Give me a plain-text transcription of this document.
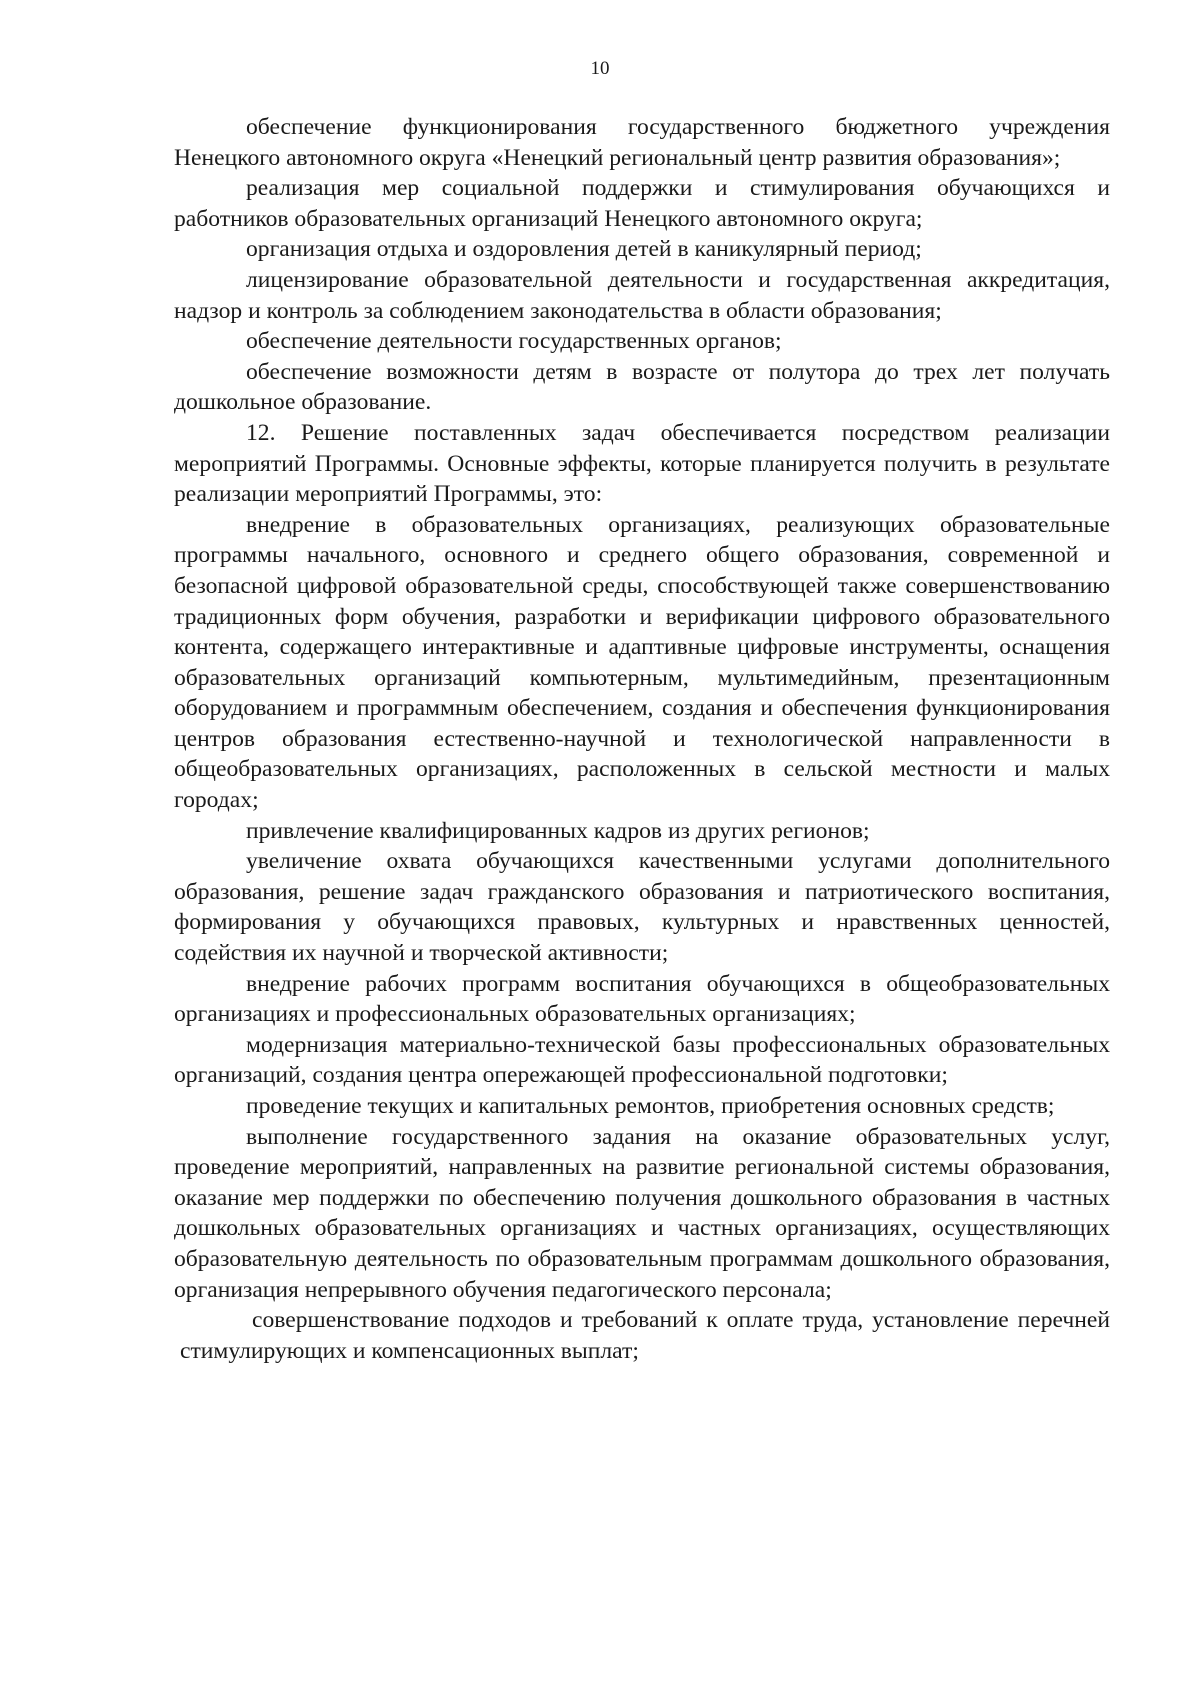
10

обеспечение функционирования государственного бюджетного учреждения Ненецкого автономного округа «Ненецкий региональный центр развития образования»;

реализация мер социальной поддержки и стимулирования обучающихся и работников образовательных организаций Ненецкого автономного округа;

организация отдыха и оздоровления детей в каникулярный период;

лицензирование образовательной деятельности и государственная аккредитация, надзор и контроль за соблюдением законодательства в области образования;

обеспечение деятельности государственных органов;

обеспечение возможности детям в возрасте от полутора до трех лет получать дошкольное образование.

12. Решение поставленных задач обеспечивается посредством реализации мероприятий Программы. Основные эффекты, которые планируется получить в результате реализации мероприятий Программы, это:

внедрение в образовательных организациях, реализующих образовательные программы начального, основного и среднего общего образования, современной и безопасной цифровой образовательной среды, способствующей также совершенствованию традиционных форм обучения, разработки и верификации цифрового образовательного контента, содержащего интерактивные и адаптивные цифровые инструменты, оснащения образовательных организаций компьютерным, мультимедийным, презентационным оборудованием и программным обеспечением, создания и обеспечения функционирования центров образования естественно-научной и технологической направленности в общеобразовательных организациях, расположенных в сельской местности и малых городах;

привлечение квалифицированных кадров из других регионов;

увеличение охвата обучающихся качественными услугами дополнительного образования, решение задач гражданского образования и патриотического воспитания, формирования у обучающихся правовых, культурных и нравственных ценностей, содействия их научной и творческой активности;

внедрение рабочих программ воспитания обучающихся в общеобразовательных организациях и профессиональных образовательных организациях;

модернизация материально-технической базы профессиональных образовательных организаций, создания центра опережающей профессиональной подготовки;

проведение текущих и капитальных ремонтов, приобретения основных средств;

выполнение государственного задания на оказание образовательных услуг, проведение мероприятий, направленных на развитие региональной системы образования, оказание мер поддержки по обеспечению получения дошкольного образования в частных дошкольных образовательных организациях и частных организациях, осуществляющих образовательную деятельность по образовательным программам дошкольного образования, организация непрерывного обучения педагогического персонала;

совершенствование подходов и требований к оплате труда, установление перечней стимулирующих и компенсационных выплат;
